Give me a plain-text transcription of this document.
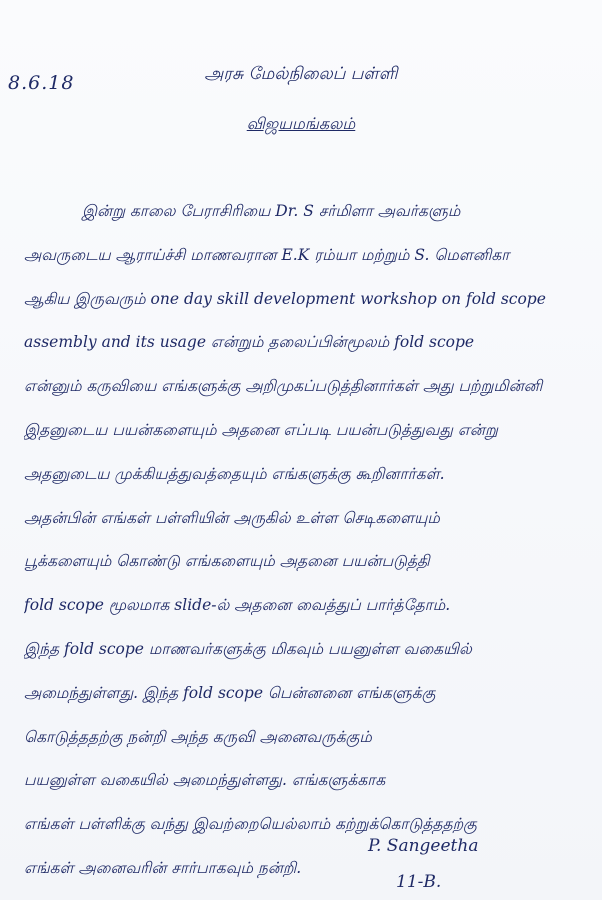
8.6.18	அரசு மேல்நிலைப் பள்ளி
விஜயமங்கலம்
இன்று காலை பேராசிரியை Dr. S சர்மிளா அவர்களும்
அவருடைய ஆராய்ச்சி மாணவரான E.K ரம்யா மற்றும் S. மௌனிகா
ஆகிய இருவரும் one day skill development workshop on fold scope
assembly and its usage என்றும் தலைப்பின்மூலம் fold scope
என்னும் கருவியை எங்களுக்கு அறிமுகப்படுத்தினார்கள் அது பற்றுமின்னி
இதனுடைய பயன்களையும் அதனை எப்படி பயன்படுத்துவது என்று
அதனுடைய முக்கியத்துவத்தையும் எங்களுக்கு கூறினார்கள்.
அதன்பின் எங்கள் பள்ளியின் அருகில் உள்ள செடிகளையும்
பூக்களையும் கொண்டு எங்களையும் அதனை பயன்படுத்தி
fold scope மூலமாக slide-ல் அதனை வைத்துப் பார்த்தோம்.
இந்த fold scope மாணவர்களுக்கு மிகவும் பயனுள்ள வகையில்
அமைந்துள்ளது. இந்த fold scope பென்னனை எங்களுக்கு
கொடுத்ததற்கு நன்றி அந்த கருவி அனைவருக்கும்
பயனுள்ள வகையில் அமைந்துள்ளது. எங்களுக்காக
எங்கள் பள்ளிக்கு வந்து இவற்றையெல்லாம் கற்றுக்கொடுத்ததற்கு
எங்கள் அனைவரின் சார்பாகவும் நன்றி.
P. Sangeetha
11-B.
